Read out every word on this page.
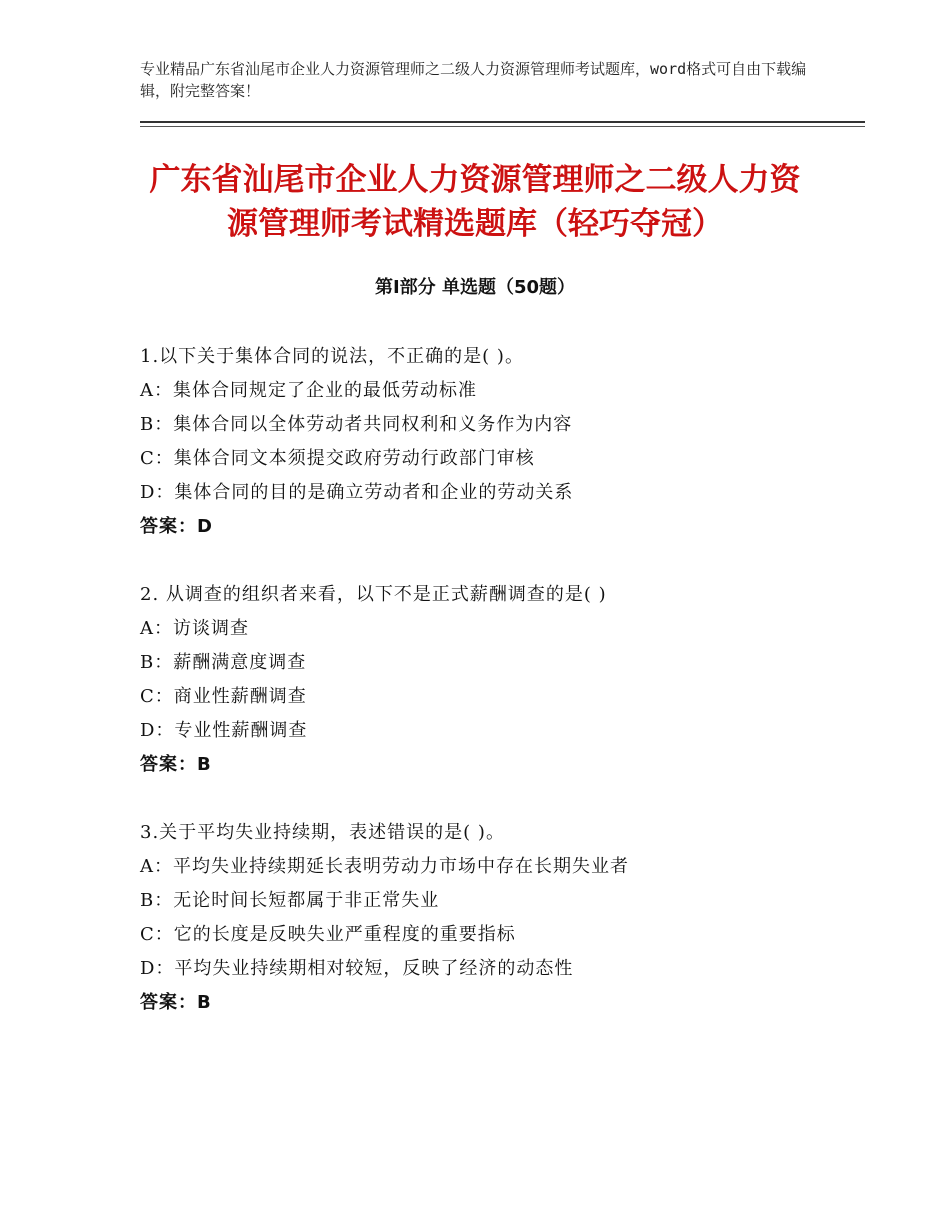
专业精品广东省汕尾市企业人力资源管理师之二级人力资源管理师考试题库，word格式可自由下载编辑，附完整答案！
广东省汕尾市企业人力资源管理师之二级人力资源管理师考试精选题库（轻巧夺冠）
第Ⅰ部分 单选题（50题）
1.以下关于集体合同的说法，不正确的是( )。
A：集体合同规定了企业的最低劳动标准
B：集体合同以全体劳动者共同权利和义务作为内容
C：集体合同文本须提交政府劳动行政部门审核
D：集体合同的目的是确立劳动者和企业的劳动关系
答案：D
2. 从调查的组织者来看，以下不是正式薪酬调查的是( )
A：访谈调查
B：薪酬满意度调查
C：商业性薪酬调查
D：专业性薪酬调查
答案：B
3.关于平均失业持续期，表述错误的是( )。
A：平均失业持续期延长表明劳动力市场中存在长期失业者
B：无论时间长短都属于非正常失业
C：它的长度是反映失业严重程度的重要指标
D：平均失业持续期相对较短，反映了经济的动态性
答案：B
